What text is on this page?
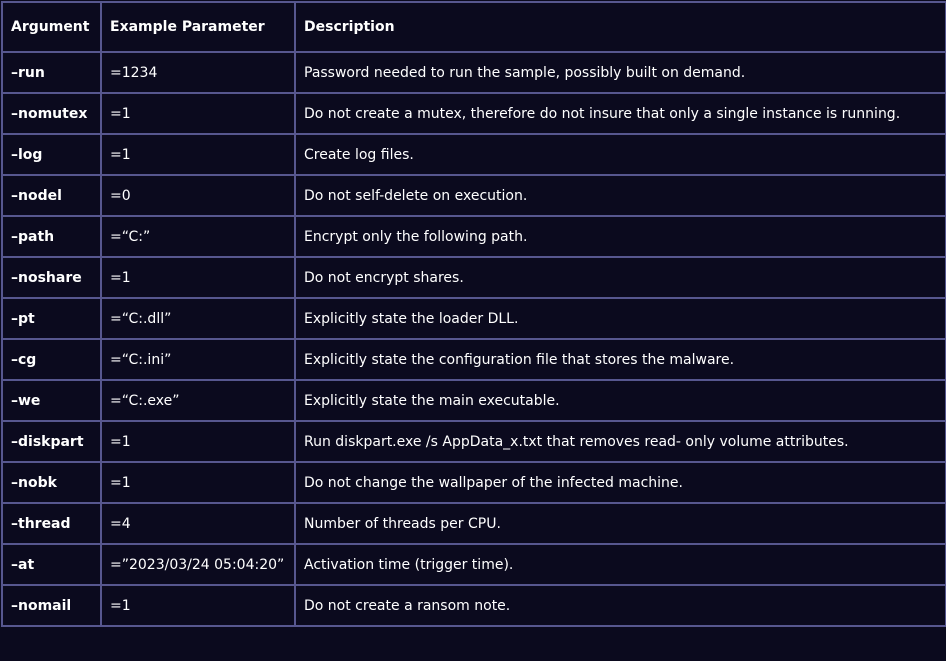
Argument	Example Parameter	Description
–run	=1234	Password needed to run the sample, possibly built on demand.
–nomutex	=1	Do not create a mutex, therefore do not insure that only a single instance is running.
–log	=1	Create log files.
–nodel	=0	Do not self-delete on execution.
–path	=“C:”	Encrypt only the following path.
–noshare	=1	Do not encrypt shares.
–pt	=“C:.dll”	Explicitly state the loader DLL.
–cg	=“C:.ini”	Explicitly state the configuration file that stores the malware.
–we	=“C:.exe”	Explicitly state the main executable.
–diskpart	=1	Run diskpart.exe /s AppData_x.txt that removes read- only volume attributes.
–nobk	=1	Do not change the wallpaper of the infected machine.
–thread	=4	Number of threads per CPU.
–at	=”2023/03/24 05:04:20”	Activation time (trigger time).
–nomail	=1	Do not create a ransom note.
